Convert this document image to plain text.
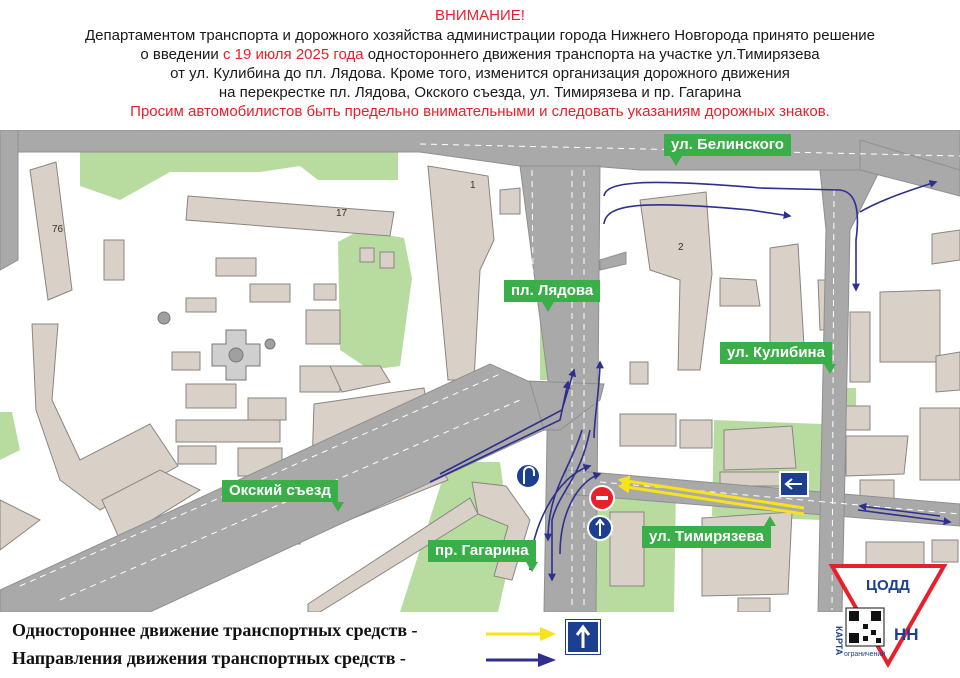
ВНИМАНИЕ!
Департаментом транспорта и дорожного хозяйства администрации города Нижнего Новгорода принято решение
о введении с 19 июля 2025 года одностороннего движения транспорта на участке ул.Тимирязева
от ул. Кулибина до пл. Лядова. Кроме того, изменится организация дорожного движения
на перекрестке пл. Лядова, Окского съезда, ул. Тимирязева и пр. Гагарина
Просим автомобилистов быть предельно внимательными и следовать указаниям дорожных знаков.
76
17
1
2
ул. Белинского
пл. Лядова
ул. Кулибина
Окский съезд
пр. Гагарина
ул. Тимирязева
Одностороннее движение транспортных средств -
Направления движения транспортных средств -
ЦОДД
КАРТА	НН
ограничений
